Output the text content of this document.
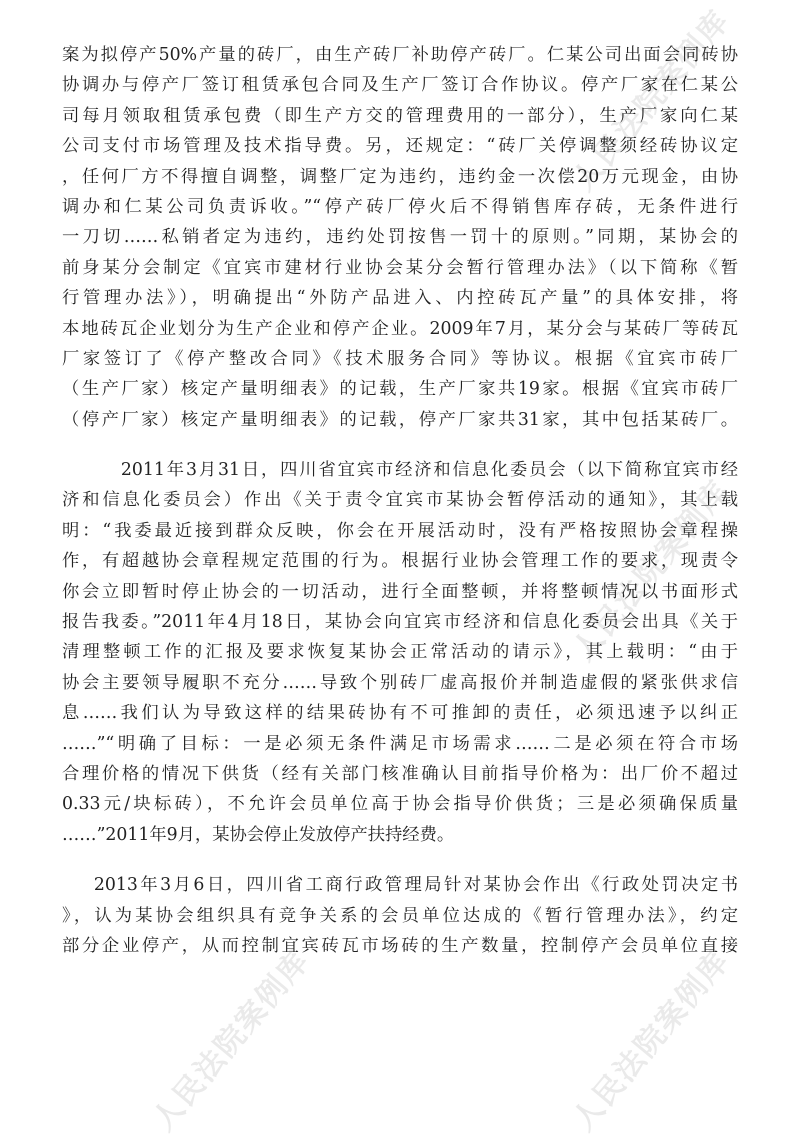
人民法院案例库	人民法院案例库
人民法院案例库
人民法院案例库
案为拟停产50%产量的砖厂，由生产砖厂补助停产砖厂。仁某公司出面会同砖协
协调办与停产厂签订租赁承包合同及生产厂签订合作协议。停产厂家在仁某公
司每月领取租赁承包费（即生产方交的管理费用的一部分），生产厂家向仁某
公司支付市场管理及技术指导费。另，还规定：“砖厂关停调整须经砖协议定
，任何厂方不得擅自调整，调整厂定为违约，违约金一次偿20万元现金，由协
调办和仁某公司负责诉收。”“停产砖厂停火后不得销售库存砖，无条件进行
一刀切……私销者定为违约，违约处罚按售一罚十的原则。”同期，某协会的
前身某分会制定《宜宾市建材行业协会某分会暂行管理办法》（以下简称《暂
行管理办法》），明确提出“外防产品进入、内控砖瓦产量”的具体安排，将
本地砖瓦企业划分为生产企业和停产企业。2009年7月，某分会与某砖厂等砖瓦
厂家签订了《停产整改合同》《技术服务合同》等协议。根据《宜宾市砖厂
（生产厂家）核定产量明细表》的记载，生产厂家共19家。根据《宜宾市砖厂
（停产厂家）核定产量明细表》的记载，停产厂家共31家，其中包括某砖厂。
2011年3月31日，四川省宜宾市经济和信息化委员会（以下简称宜宾市经
济和信息化委员会）作出《关于责令宜宾市某协会暂停活动的通知》，其上载
明：“我委最近接到群众反映，你会在开展活动时，没有严格按照协会章程操
作，有超越协会章程规定范围的行为。根据行业协会管理工作的要求，现责令
你会立即暂时停止协会的一切活动，进行全面整顿，并将整顿情况以书面形式
报告我委。”2011年4月18日，某协会向宜宾市经济和信息化委员会出具《关于
清理整顿工作的汇报及要求恢复某协会正常活动的请示》，其上载明：“由于
协会主要领导履职不充分……导致个别砖厂虚高报价并制造虚假的紧张供求信
息……我们认为导致这样的结果砖协有不可推卸的责任，必须迅速予以纠正
……”“明确了目标：一是必须无条件满足市场需求……二是必须在符合市场
合理价格的情况下供货（经有关部门核准确认目前指导价格为：出厂价不超过
0.33元/块标砖），不允许会员单位高于协会指导价供货；三是必须确保质量
……”2011年9月，某协会停止发放停产扶持经费。
2013年3月6日，四川省工商行政管理局针对某协会作出《行政处罚决定书
》，认为某协会组织具有竞争关系的会员单位达成的《暂行管理办法》，约定
部分企业停产，从而控制宜宾砖瓦市场砖的生产数量，控制停产会员单位直接
